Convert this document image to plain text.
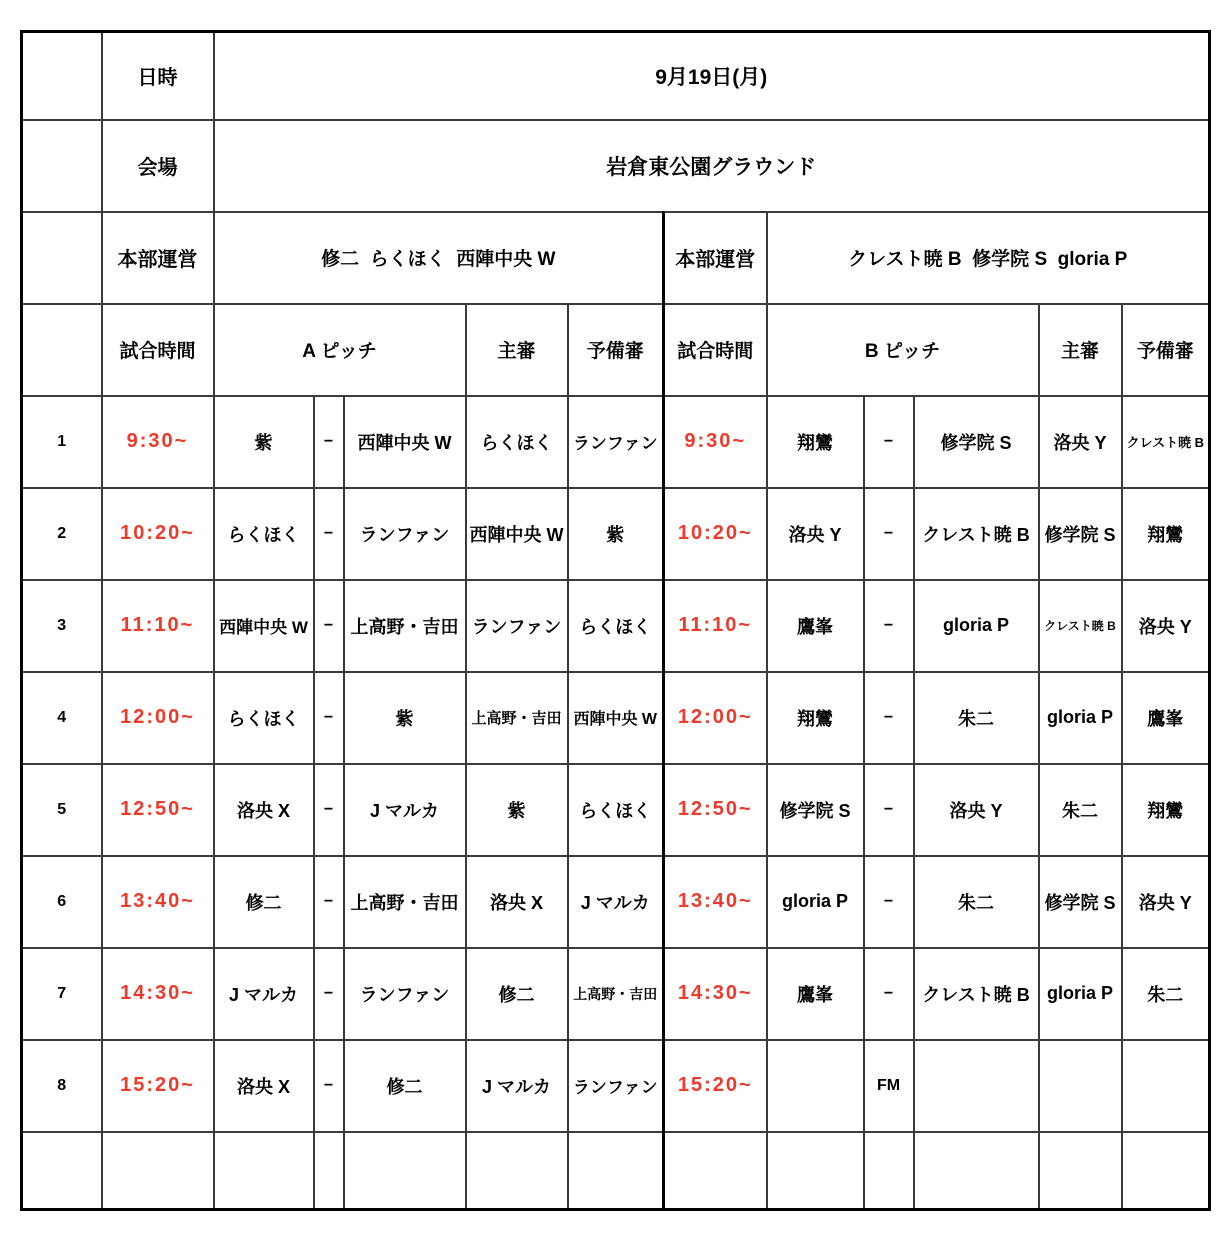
	日時	9月19日(月)										
	会場	岩倉東公園グラウンド										
	本部運営	修二  らくほく  西陣中央 W					本部運営	クレスト暁 B  修学院 S  gloria P				
	試合時間	A ピッチ			主審	予備審	試合時間	B ピッチ			主審	予備審
1	9:30~	紫	−	西陣中央 W	らくほく	ランファン	9:30~	翔鸞	−	修学院 S	洛央 Y	クレスト暁 B
2	10:20~	らくほく	−	ランファン	西陣中央 W	紫	10:20~	洛央 Y	−	クレスト暁 B	修学院 S	翔鸞
3	11:10~	西陣中央 W	−	上高野・吉田	ランファン	らくほく	11:10~	鷹峯	−	gloria P	クレスト暁 B	洛央 Y
4	12:00~	らくほく	−	紫	上高野・吉田	西陣中央 W	12:00~	翔鸞	−	朱二	gloria P	鷹峯
5	12:50~	洛央 X	−	J マルカ	紫	らくほく	12:50~	修学院 S	−	洛央 Y	朱二	翔鸞
6	13:40~	修二	−	上高野・吉田	洛央 X	J マルカ	13:40~	gloria P	−	朱二	修学院 S	洛央 Y
7	14:30~	J マルカ	−	ランファン	修二	上高野・吉田	14:30~	鷹峯	−	クレスト暁 B	gloria P	朱二
8	15:20~	洛央 X	−	修二	J マルカ	ランファン	15:20~		FM			
